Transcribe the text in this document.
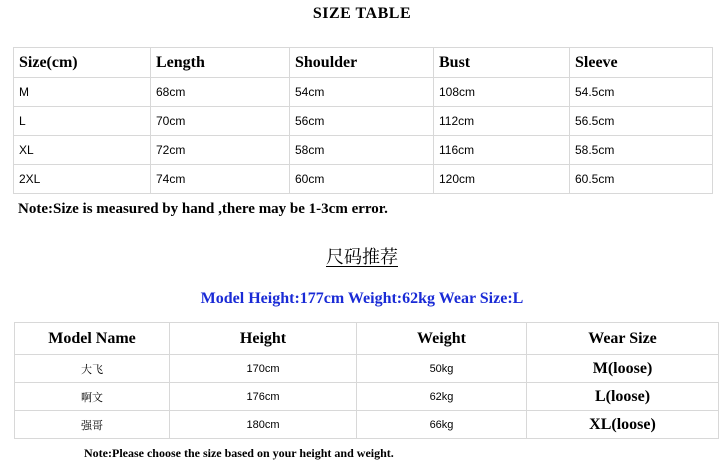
SIZE TABLE
Size(cm)	Length	Shoulder	Bust	Sleeve
M	68cm	54cm	108cm	54.5cm
L	70cm	56cm	112cm	56.5cm
XL	72cm	58cm	116cm	58.5cm
2XL	74cm	60cm	120cm	60.5cm
Note:Size is measured by hand ,there may be 1-3cm error.
尺码推荐
Model Height:177cm Weight:62kg Wear Size:L
Model Name	Height	Weight	Wear Size
大飞	170cm	50kg	M(loose)
啊文	176cm	62kg	L(loose)
强哥	180cm	66kg	XL(loose)
Note:Please choose the size based on your height and weight.
